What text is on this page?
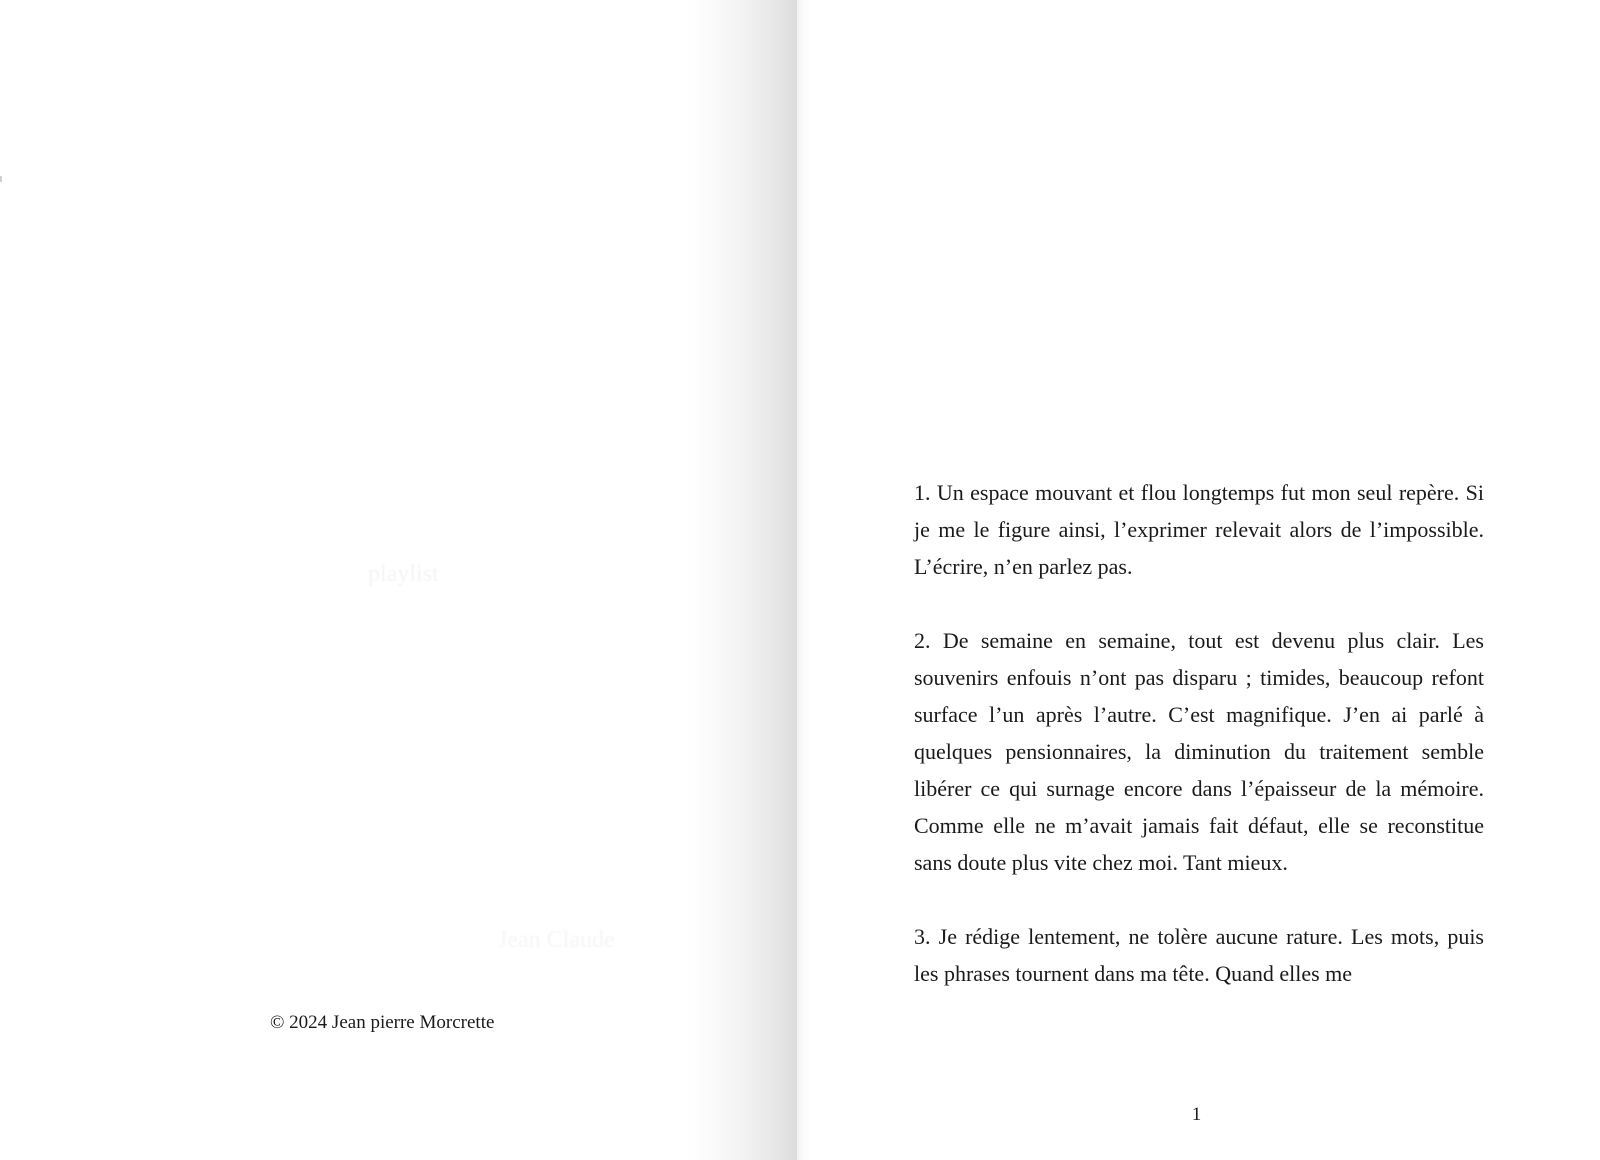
playlist
Jean Claude
© 2024 Jean pierre Morcrette

1. Un espace mouvant et flou longtemps fut mon seul repère. Si je me le figure ainsi, l’exprimer relevait alors de l’impossible. L’écrire, n’en parlez pas.

2. De semaine en semaine, tout est devenu plus clair. Les souvenirs enfouis n’ont pas disparu ; timides, beaucoup refont surface l’un après l’autre. C’est magnifique. J’en ai parlé à quelques pensionnaires, la diminution du traitement semble libérer ce qui surnage encore dans l’épaisseur de la mémoire. Comme elle ne m’avait jamais fait défaut, elle se reconstitue sans doute plus vite chez moi. Tant mieux.

3. Je rédige lentement, ne tolère aucune rature. Les mots, puis les phrases tournent dans ma tête. Quand elles me

1
